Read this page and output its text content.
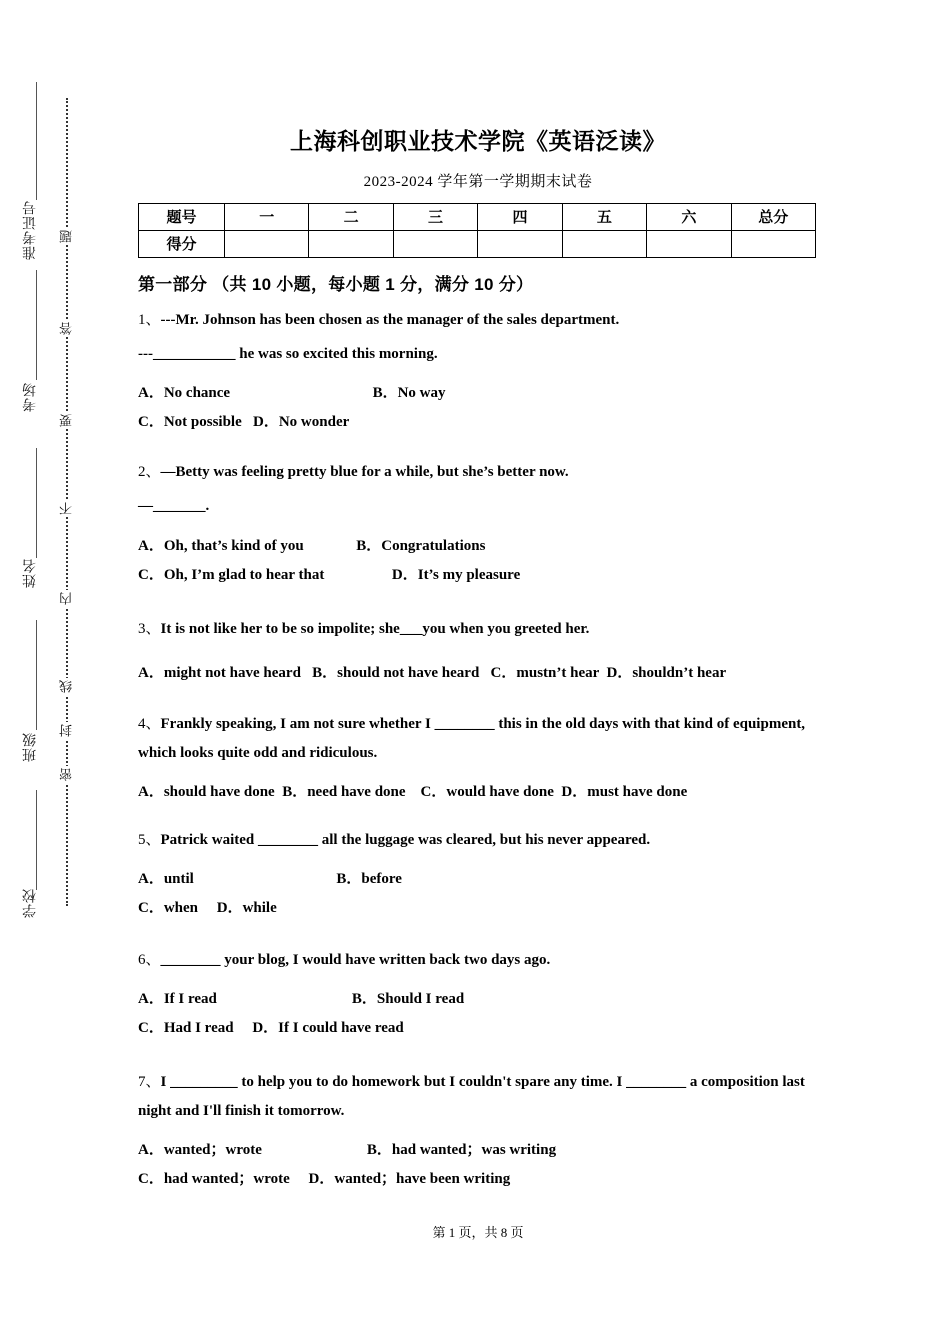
准考证号
考场
姓名
班级
学校
题
答
要
不
内
线
封
密
上海科创职业技术学院《英语泛读》
2023-2024 学年第一学期期末试卷
题号	一	二	三	四	五	六	总分
得分							
第一部分 （共 10 小题，每小题 1 分，满分 10 分）

1、---Mr. Johnson has been chosen as the manager of the sales department.

---___________ he was so excited this morning.

A．No chance                                      B．No way

C．Not possible   D．No wonder

2、—Betty was feeling pretty blue for a while, but she’s better now.

—_______.

A．Oh, that’s kind of you              B．Congratulations

C．Oh, I’m glad to hear that                  D．It’s my pleasure

3、It is not like her to be so impolite; she___you when you greeted her.

A．might not have heard   B．should not have heard   C．mustn’t hear  D．shouldn’t hear

4、Frankly speaking, I am not sure whether I ________ this in the old days with that kind of equipment, which looks quite odd and ridiculous.

A．should have done  B．need have done    C．would have done  D．must have done

5、Patrick waited ________ all the luggage was cleared, but his never appeared.

A．until                                      B．before

C．when     D．while

6、________ your blog, I would have written back two days ago.

A．If I read                                    B．Should I read

C．Had I read     D．If I could have read

7、I _________ to help you to do homework but I couldn't spare any time. I ________ a composition last night and I'll finish it tomorrow.

A．wanted；wrote                            B．had wanted；was writing

C．had wanted；wrote     D．wanted；have been writing

第 1 页，共 8 页
